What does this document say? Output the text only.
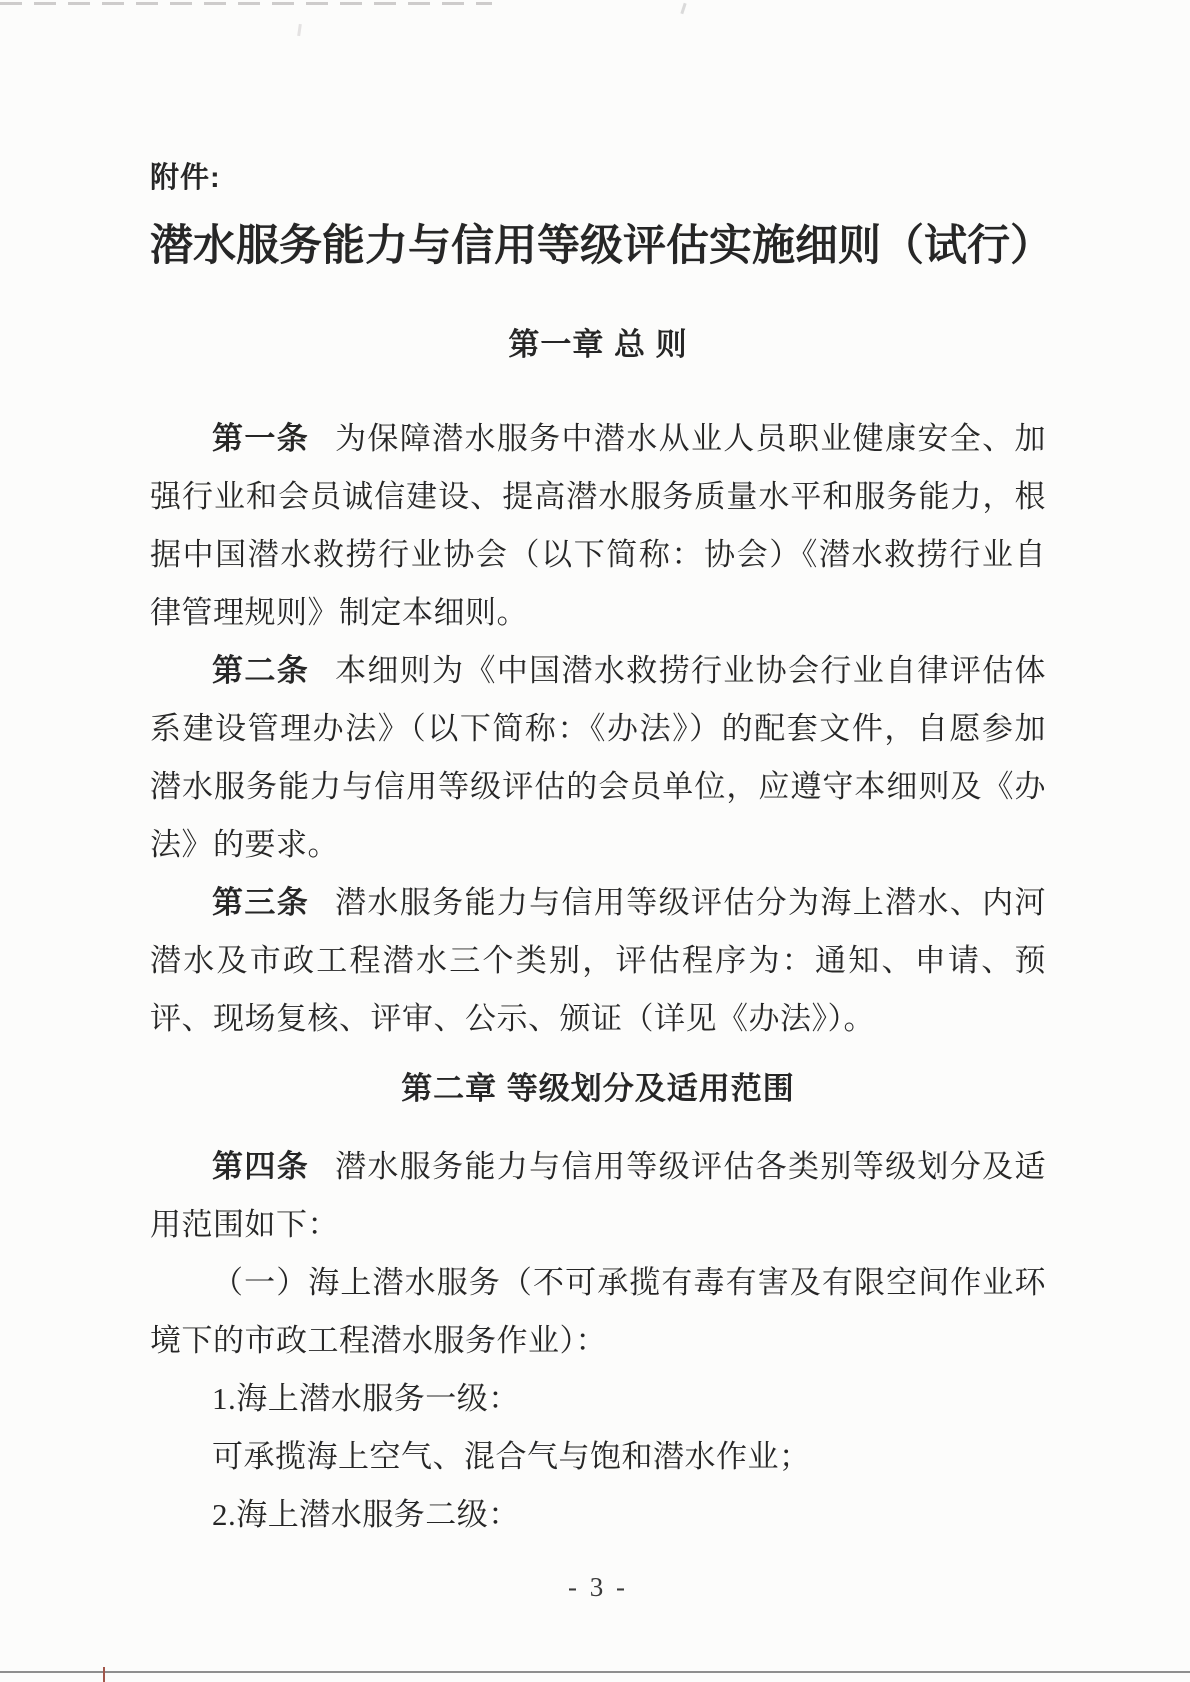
附件:
潜水服务能力与信用等级评估实施细则（试行）
第一章 总 则

第一条 为保障潜水服务中潜水从业人员职业健康安全、加强行业和会员诚信建设、提高潜水服务质量水平和服务能力，根据中国潜水救捞行业协会（以下简称：协会）《潜水救捞行业自律管理规则》制定本细则。

第二条 本细则为《中国潜水救捞行业协会行业自律评估体系建设管理办法》（以下简称：《办法》）的配套文件，自愿参加潜水服务能力与信用等级评估的会员单位，应遵守本细则及《办法》的要求。

第三条 潜水服务能力与信用等级评估分为海上潜水、内河潜水及市政工程潜水三个类别，评估程序为：通知、申请、预评、现场复核、评审、公示、颁证（详见《办法》）。

第二章 等级划分及适用范围

第四条 潜水服务能力与信用等级评估各类别等级划分及适用范围如下：

（一）海上潜水服务（不可承揽有毒有害及有限空间作业环境下的市政工程潜水服务作业）：

1.海上潜水服务一级：

可承揽海上空气、混合气与饱和潜水作业；

2.海上潜水服务二级：

- 3 -
